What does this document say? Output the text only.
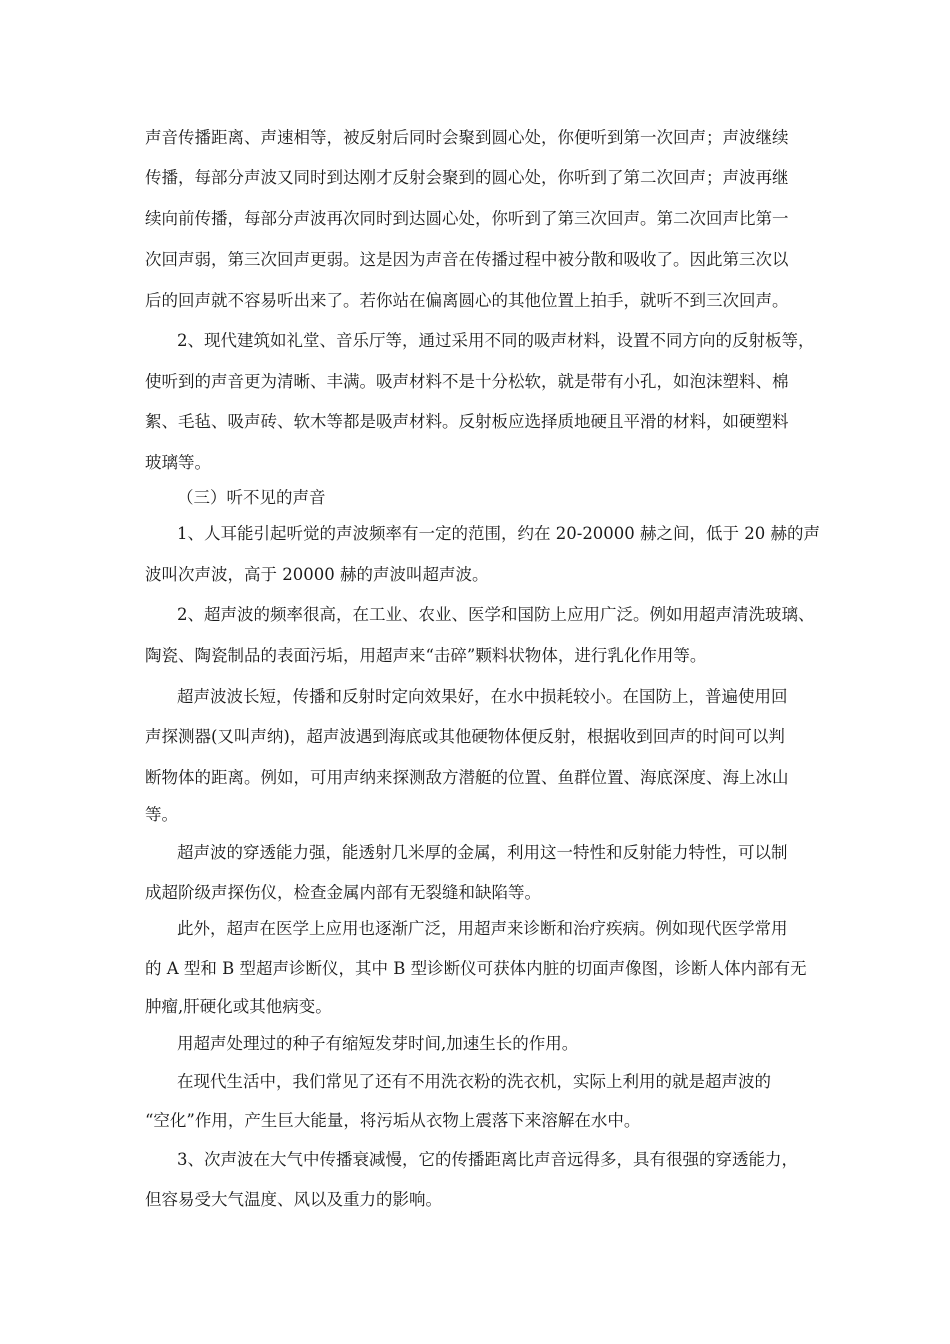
声音传播距离、声速相等，被反射后同时会聚到圆心处，你便听到第一次回声；声波继续
传播，每部分声波又同时到达刚才反射会聚到的圆心处，你听到了第二次回声；声波再继
续向前传播，每部分声波再次同时到达圆心处，你听到了第三次回声。第二次回声比第一
次回声弱，第三次回声更弱。这是因为声音在传播过程中被分散和吸收了。因此第三次以
后的回声就不容易听出来了。若你站在偏离圆心的其他位置上拍手，就听不到三次回声。
2、现代建筑如礼堂、音乐厅等，通过采用不同的吸声材料，设置不同方向的反射板等，
使听到的声音更为清晰、丰满。吸声材料不是十分松软，就是带有小孔，如泡沫塑料、棉
絮、毛毡、吸声砖、软木等都是吸声材料。反射板应选择质地硬且平滑的材料，如硬塑料
玻璃等。
（三）听不见的声音
1、人耳能引起听觉的声波频率有一定的范围，约在 20-20000 赫之间，低于 20 赫的声
波叫次声波，高于 20000 赫的声波叫超声波。
2、超声波的频率很高，在工业、农业、医学和国防上应用广泛。例如用超声清洗玻璃、
陶瓷、陶瓷制品的表面污垢，用超声来“击碎”颗料状物体，进行乳化作用等。
超声波波长短，传播和反射时定向效果好，在水中损耗较小。在国防上，普遍使用回
声探测器(又叫声纳)，超声波遇到海底或其他硬物体便反射，根据收到回声的时间可以判
断物体的距离。例如，可用声纳来探测敌方潜艇的位置、鱼群位置、海底深度、海上冰山
等。
超声波的穿透能力强，能透射几米厚的金属，利用这一特性和反射能力特性，可以制
成超阶级声探伤仪，检查金属内部有无裂缝和缺陷等。
此外，超声在医学上应用也逐渐广泛，用超声来诊断和治疗疾病。例如现代医学常用
的 A 型和 B 型超声诊断仪，其中 B 型诊断仪可获体内脏的切面声像图，诊断人体内部有无
肿瘤,肝硬化或其他病变。
用超声处理过的种子有缩短发芽时间,加速生长的作用。
在现代生活中，我们常见了还有不用洗衣粉的洗衣机，实际上利用的就是超声波的
“空化”作用，产生巨大能量，将污垢从衣物上震落下来溶解在水中。
3、次声波在大气中传播衰减慢，它的传播距离比声音远得多，具有很强的穿透能力，
但容易受大气温度、风以及重力的影响。
